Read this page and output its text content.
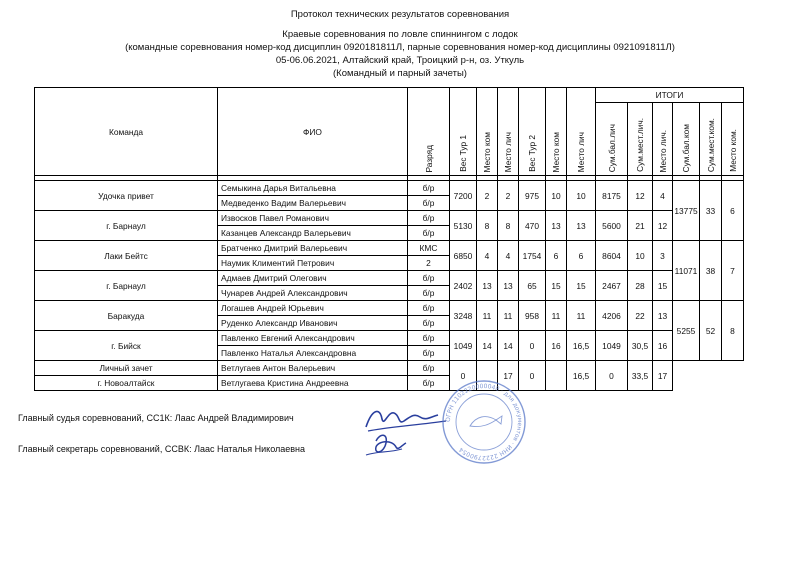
Протокол технических результатов соревнования
Краевые соревнования по ловле спиннингом с лодок
(командные соревнования номер-код дисциплин 0920181811Л, парные соревнования номер-код дисциплины 0921091811Л)
05-06.06.2021, Алтайский край, Троицкий р-н, оз. Уткуль
(Командный и парный зачеты)
Команда	ФИО	Разряд	Вес Тур 1	Место ком	Место лич	Вес Тур 2	Место ком	Место лич	ИТОГИ					
									Сум.бал.лич	Сум.мест.лич.	Место лич.	Сум.бал.ком	Сум.мест.ком.	Место ком.

Удочка привет	Семыкина Дарья Витальевна	б/р	7200	2	2	975	10	10	8175	12	4	13775	33	6
	Медведенко Вадим Валерьевич	б/р												
г. Барнаул	Извосков Павел Романович	б/р	5130	8	8	470	13	13	5600	21	12			
	Казанцев Александр Валерьевич	б/р												
Лаки Бейтс	Братченко Дмитрий Валерьевич	КМС	6850	4	4	1754	6	6	8604	10	3	11071	38	7
	Наумик Климентий Петрович	2												
г. Барнаул	Адмаев Дмитрий Олегович	б/р	2402	13	13	65	15	15	2467	28	15			
	Чунарев Андрей Александрович	б/р												
Баракуда	Логашев Андрей Юрьевич	б/р	3248	11	11	958	11	11	4206	22	13	5255	52	8
	Руденко Александр Иванович	б/р												
г. Бийск	Павленко Евгений Александрович	б/р	1049	14	14	0	16	16,5	1049	30,5	16			
	Павленко Наталья Александровна	б/р												
Личный зачет	Ветлугаев Антон Валерьевич	б/р	0		17	0		16,5	0	33,5	17			
г. Новоалтайск	Ветлугаева Кристина Андреевна	б/р												
Главный судья соревнований, СС1К: Лаас Андрей Владимирович
Главный секретарь соревнований, ССВК: Лаас Наталья Николаевна
ОГРН 1102220000048 · для документов · ИНН 2222790054
